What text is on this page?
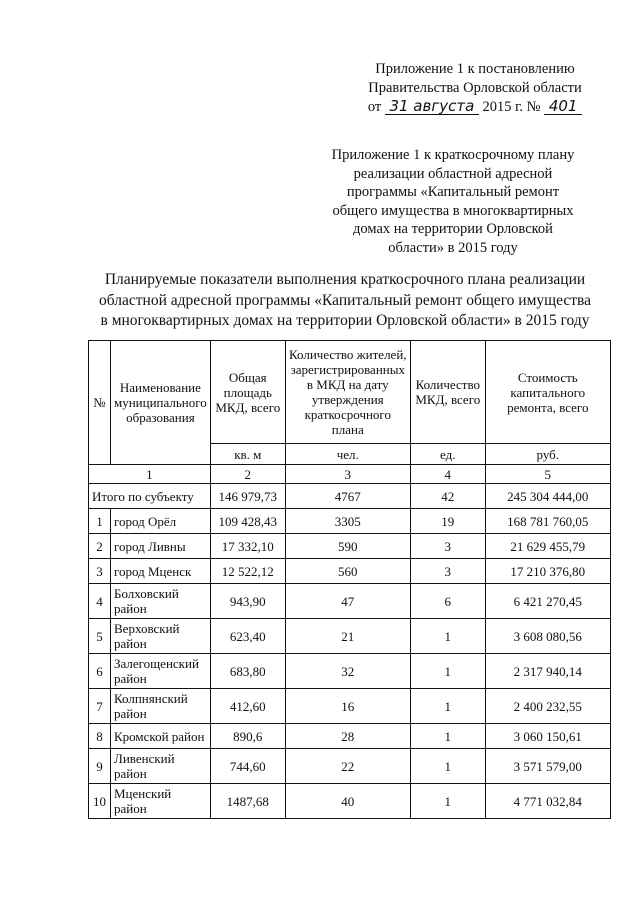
Приложение 1 к постановлению
Правительства Орловской области
от 31 августа 2015 г. № 401
Приложение 1 к краткосрочному плану
реализации областной адресной
программы «Капитальный ремонт
общего имущества в многоквартирных
домах на территории Орловской
области» в 2015 году
Планируемые показатели выполнения краткосрочного плана реализации
областной адресной программы «Капитальный ремонт общего имущества
в многоквартирных домах на территории Орловской области» в 2015 году
№	Наименование муниципального образования	Общая площадь МКД, всего	Количество жителей, зарегистрированных в МКД на дату утверждения краткосрочного плана	Количество МКД, всего	Стоимость капитального ремонта, всего
		кв. м	чел.	ед.	руб.
1		2	3	4	5
Итого по субъекту		146 979,73	4767	42	245 304 444,00
1	город Орёл	109 428,43	3305	19	168 781 760,05
2	город Ливны	17 332,10	590	3	21 629 455,79
3	город Мценск	12 522,12	560	3	17 210 376,80
4	Болховский район	943,90	47	6	6 421 270,45
5	Верховский район	623,40	21	1	3 608 080,56
6	Залегощенский район	683,80	32	1	2 317 940,14
7	Колпнянский район	412,60	16	1	2 400 232,55
8	Кромской район	890,6	28	1	3 060 150,61
9	Ливенский район	744,60	22	1	3 571 579,00
10	Мценский район	1487,68	40	1	4 771 032,84
